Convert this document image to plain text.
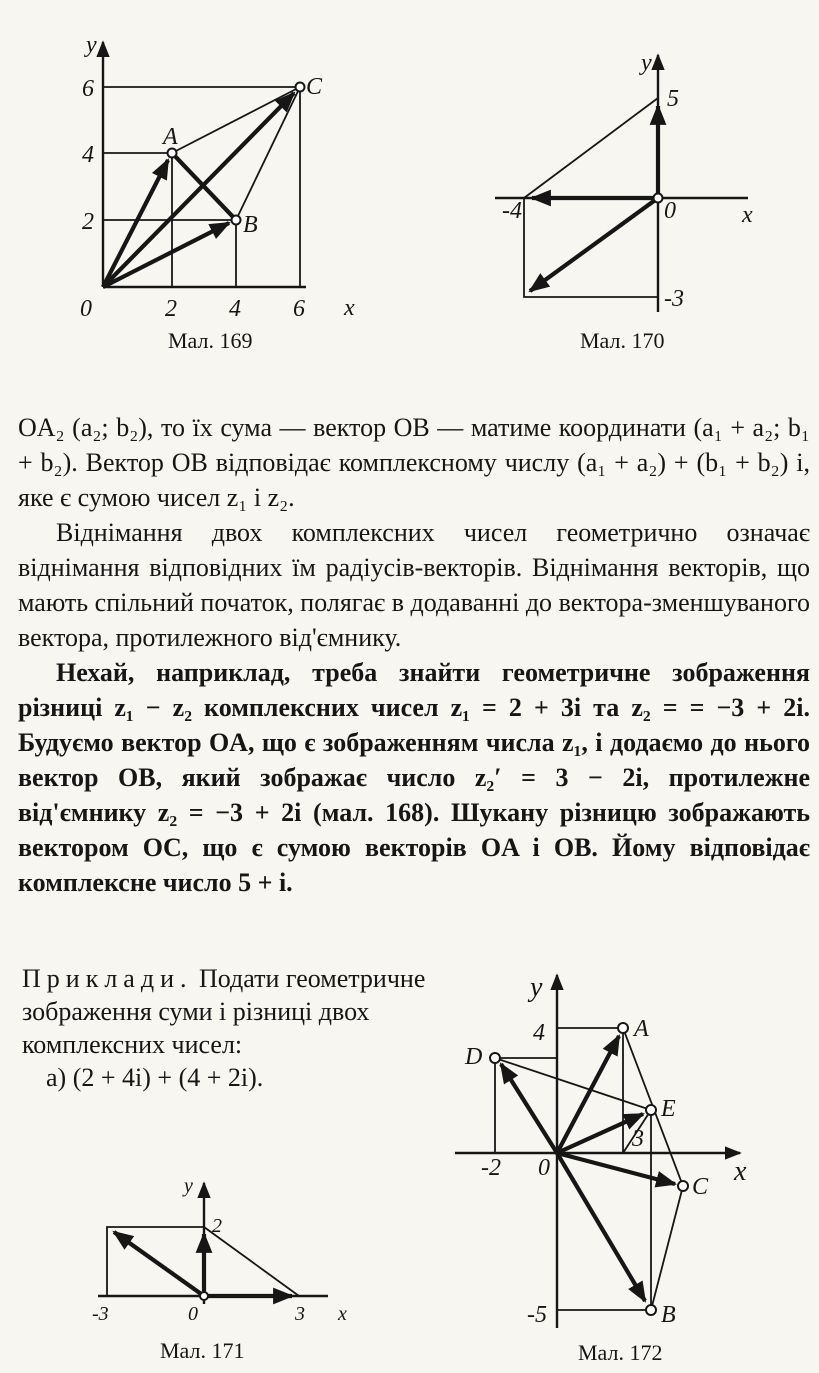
y
x
0	2 4 6
2
4
6
A
B
C
y
x
5
-4	0
-3
y
x
4
-2 0
3
-5
A
D
E
C
B
y
x
2
-3	0	3
Мал. 169	Мал. 170
Мал. 171	Мал. 172

OA₂ (a₂; b₂), то їх сума — вектор OB — матиме координати (a₁ + a₂; b₁ + b₂). Вектор OB відповідає комплексному числу (a₁ + a₂) + (b₁ + b₂) i, яке є сумою чисел z₁ і z₂.

Віднімання двох комплексних чисел геометрично означає віднімання відповідних їм радіусів-векторів. Віднімання векторів, що мають спільний початок, полягає в додаванні до вектора-зменшуваного вектора, протилежного від'ємнику.

Нехай, наприклад, треба знайти геометричне зображення різниці z₁ − z₂ комплексних чисел z₁ = 2 + 3i та z₂ = = −3 + 2i. Будуємо вектор OA, що є зображенням числа z₁, і додаємо до нього вектор OB, який зображає число z₂′ = 3 − 2i, протилежне від'ємнику z₂ = −3 + 2i (мал. 168). Шукану різницю зображають вектором OC, що є сумою векторів OA і OB. Йому відповідає комплексне число 5 + i.

Приклади. Подати геометричне зображення суми і різниці двох комплексних чисел:
а) (2 + 4i) + (4 + 2i).
